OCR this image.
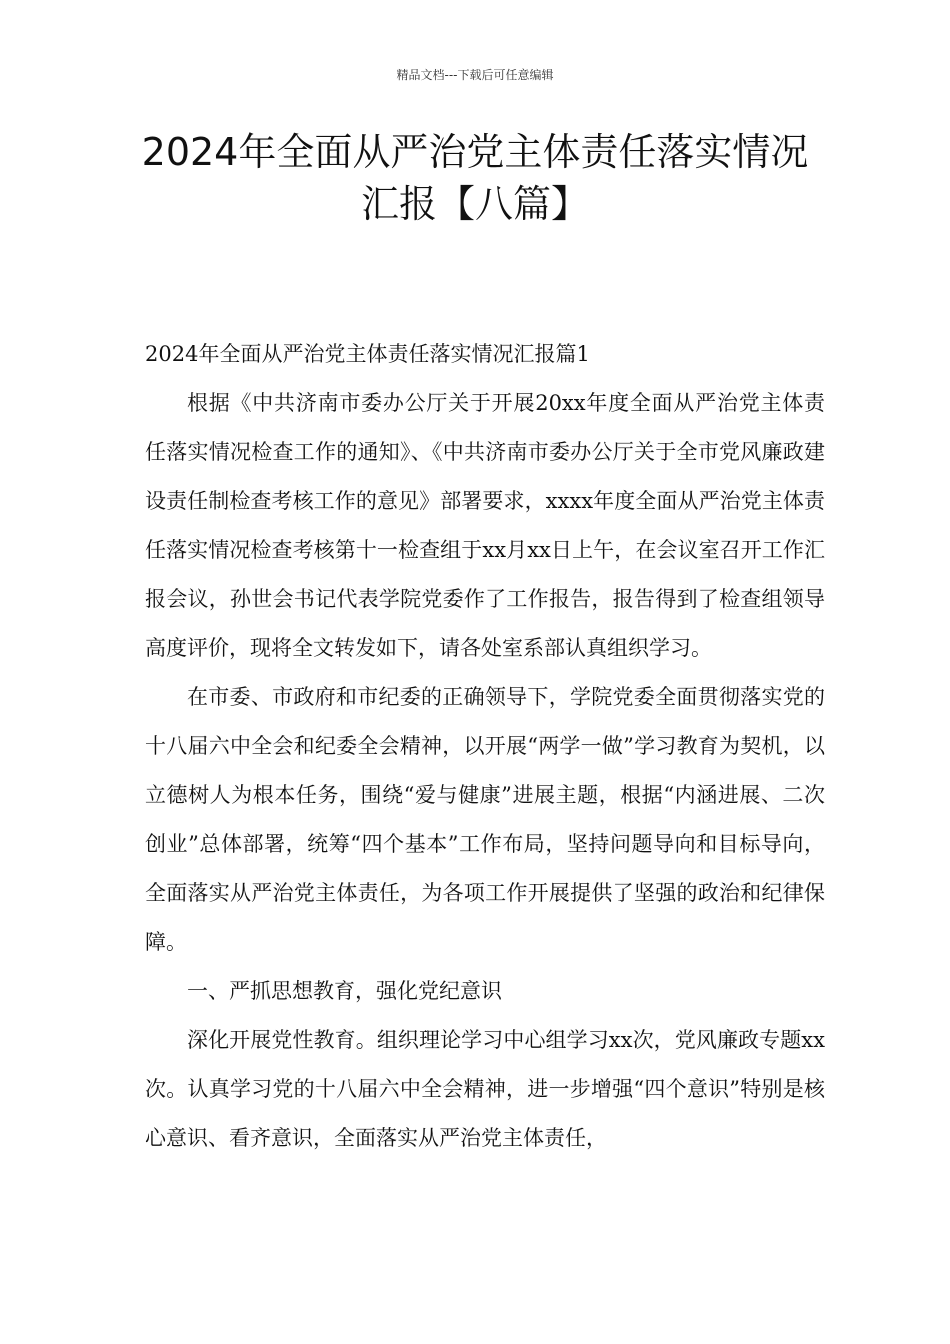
精品文档---下载后可任意编辑
2024年全面从严治党主体责任落实情况
汇报【八篇】

2024年全面从严治党主体责任落实情况汇报篇1

根据《中共济南市委办公厅关于开展20xx年度全面从严治党主体责任落实情况检查工作的通知》、《中共济南市委办公厅关于全市党风廉政建设责任制检查考核工作的意见》部署要求，xxxx年度全面从严治党主体责任落实情况检查考核第十一检查组于xx月xx日上午，在会议室召开工作汇报会议，孙世会书记代表学院党委作了工作报告，报告得到了检查组领导高度评价，现将全文转发如下，请各处室系部认真组织学习。

在市委、市政府和市纪委的正确领导下，学院党委全面贯彻落实党的十八届六中全会和纪委全会精神，以开展“两学一做”学习教育为契机，以立德树人为根本任务，围绕“爱与健康”进展主题，根据“内涵进展、二次创业”总体部署，统筹“四个基本”工作布局，坚持问题导向和目标导向，全面落实从严治党主体责任，为各项工作开展提供了坚强的政治和纪律保障。

一、严抓思想教育，强化党纪意识

深化开展党性教育。组织理论学习中心组学习xx次，党风廉政专题xx次。认真学习党的十八届六中全会精神，进一步增强“四个意识”特别是核心意识、看齐意识，全面落实从严治党主体责任，
